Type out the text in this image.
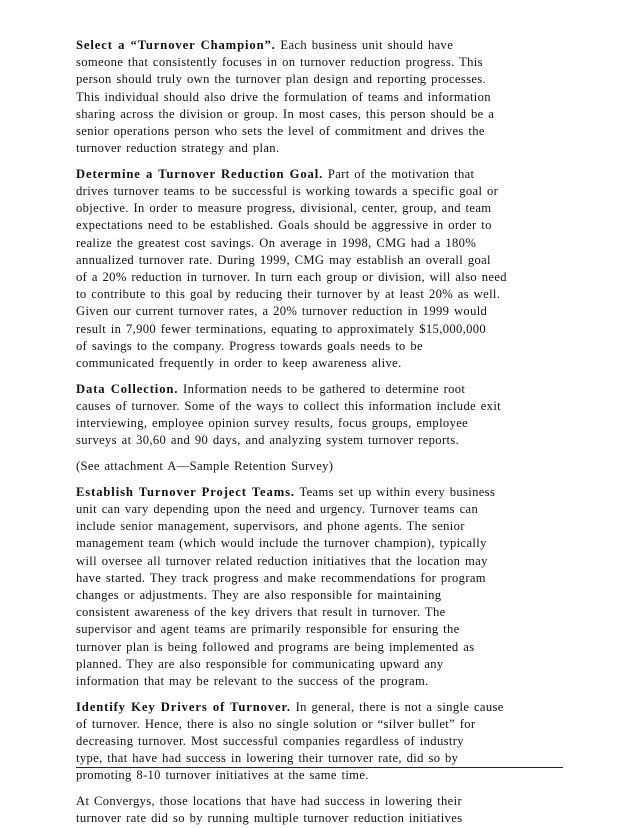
Select a “Turnover Champion”. Each business unit should have
someone that consistently focuses in on turnover reduction progress. This
person should truly own the turnover plan design and reporting processes.
This individual should also drive the formulation of teams and information
sharing across the division or group. In most cases, this person should be a
senior operations person who sets the level of commitment and drives the
turnover reduction strategy and plan.
Determine a Turnover Reduction Goal. Part of the motivation that
drives turnover teams to be successful is working towards a specific goal or
objective. In order to measure progress, divisional, center, group, and team
expectations need to be established. Goals should be aggressive in order to
realize the greatest cost savings. On average in 1998, CMG had a 180%
annualized turnover rate. During 1999, CMG may establish an overall goal
of a 20% reduction in turnover. In turn each group or division, will also need
to contribute to this goal by reducing their turnover by at least 20% as well.
Given our current turnover rates, a 20% turnover reduction in 1999 would
result in 7,900 fewer terminations, equating to approximately $15,000,000
of savings to the company. Progress towards goals needs to be
communicated frequently in order to keep awareness alive.
Data Collection. Information needs to be gathered to determine root
causes of turnover. Some of the ways to collect this information include exit
interviewing, employee opinion survey results, focus groups, employee
surveys at 30,60 and 90 days, and analyzing system turnover reports.
(See attachment A—Sample Retention Survey)
Establish Turnover Project Teams. Teams set up within every business
unit can vary depending upon the need and urgency. Turnover teams can
include senior management, supervisors, and phone agents. The senior
management team (which would include the turnover champion), typically
will oversee all turnover related reduction initiatives that the location may
have started. They track progress and make recommendations for program
changes or adjustments. They are also responsible for maintaining
consistent awareness of the key drivers that result in turnover. The
supervisor and agent teams are primarily responsible for ensuring the
turnover plan is being followed and programs are being implemented as
planned. They are also responsible for communicating upward any
information that may be relevant to the success of the program.
Identify Key Drivers of Turnover. In general, there is not a single cause
of turnover. Hence, there is also no single solution or “silver bullet” for
decreasing turnover. Most successful companies regardless of industry
type, that have had success in lowering their turnover rate, did so by
promoting 8-10 turnover initiatives at the same time.
At Convergys, those locations that have had success in lowering their
turnover rate did so by running multiple turnover reduction initiatives
